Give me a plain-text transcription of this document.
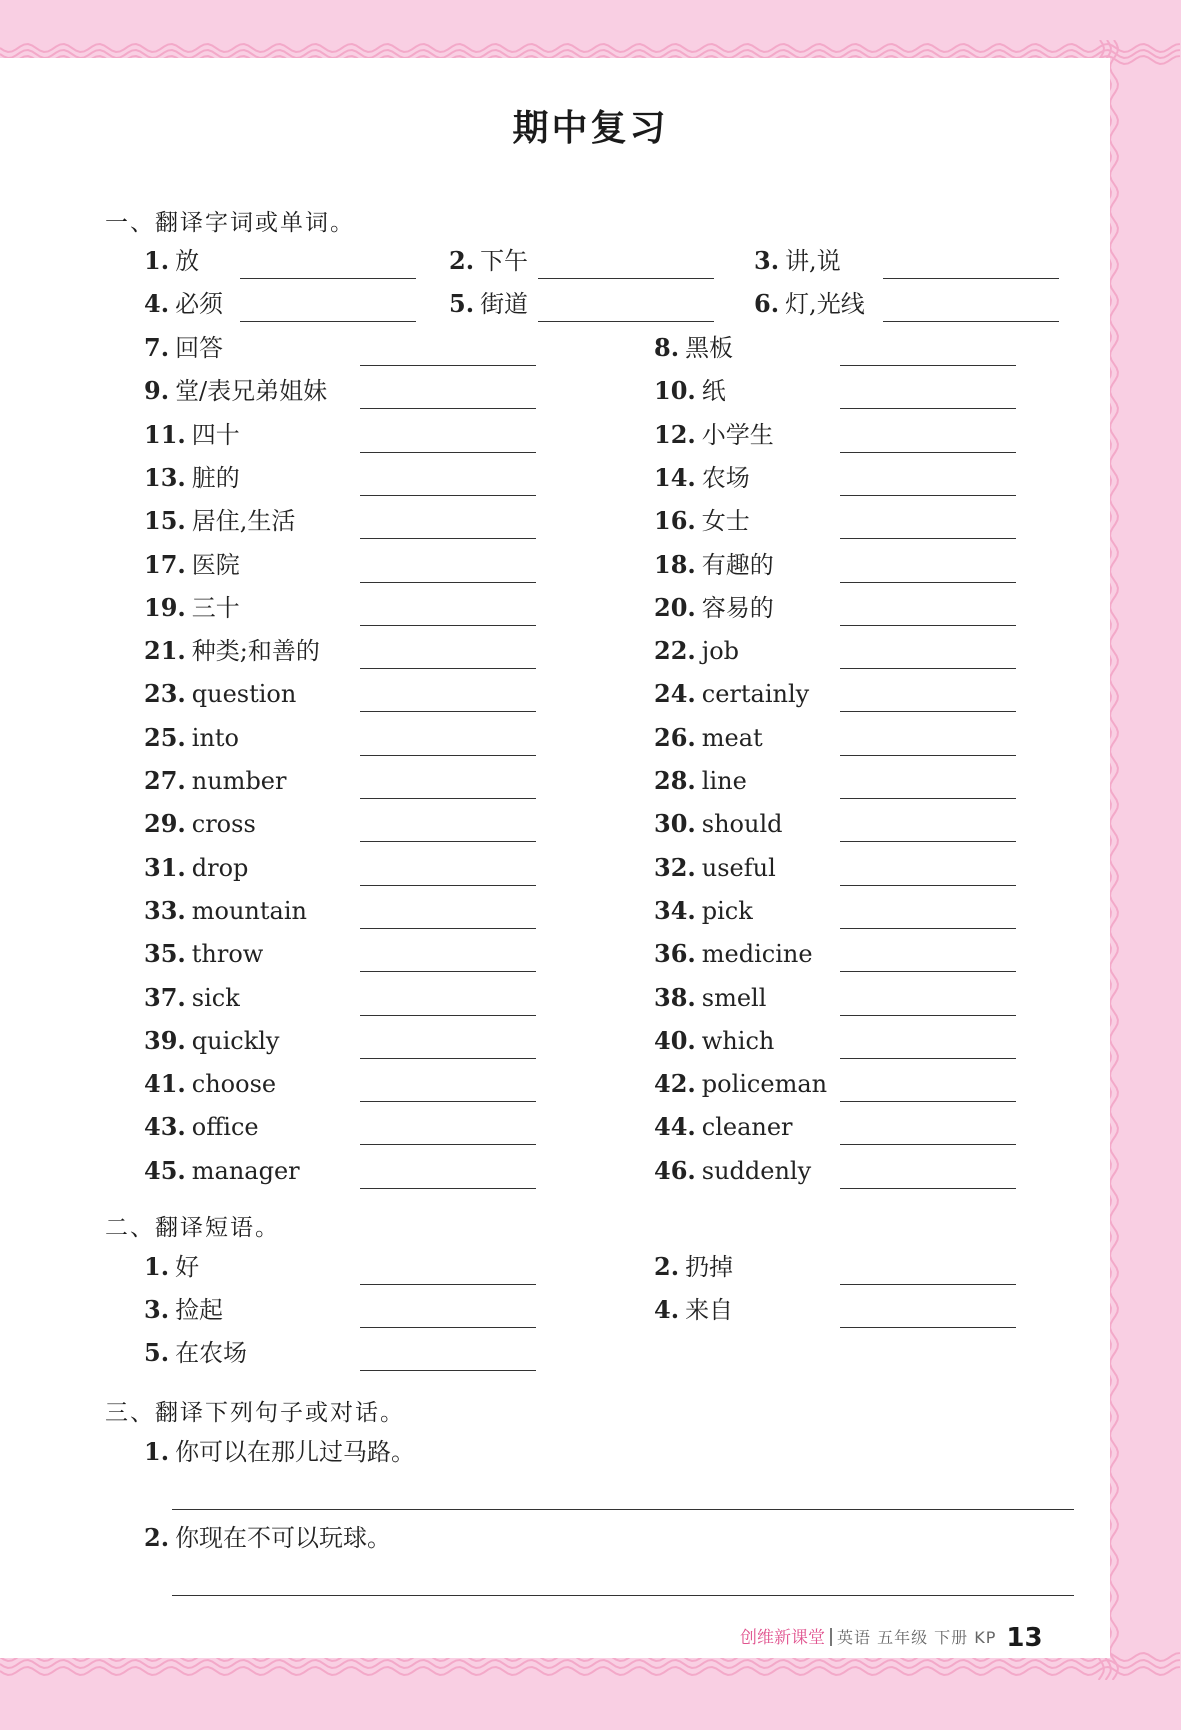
期中复习
一、翻译字词或单词。
1. 放	2. 下午	3. 讲,说
4. 必须	5. 街道	6. 灯,光线
7. 回答	8. 黑板
9. 堂/表兄弟姐妹	10. 纸
11. 四十	12. 小学生
13. 脏的	14. 农场
15. 居住,生活	16. 女士
17. 医院	18. 有趣的
19. 三十	20. 容易的
21. 种类;和善的	22. job
23. question	24. certainly
25. into	26. meat
27. number	28. line
29. cross	30. should
31. drop	32. useful
33. mountain	34. pick
35. throw	36. medicine
37. sick	38. smell
39. quickly	40. which
41. choose	42. policeman
43. office	44. cleaner
45. manager	46. suddenly
二、翻译短语。
1. 好	2. 扔掉
3. 捡起	4. 来自
5. 在农场
三、翻译下列句子或对话。
1. 你可以在那儿过马路。
2. 你现在不可以玩球。
创维新课堂 英语 五年级 下册 KP 13
